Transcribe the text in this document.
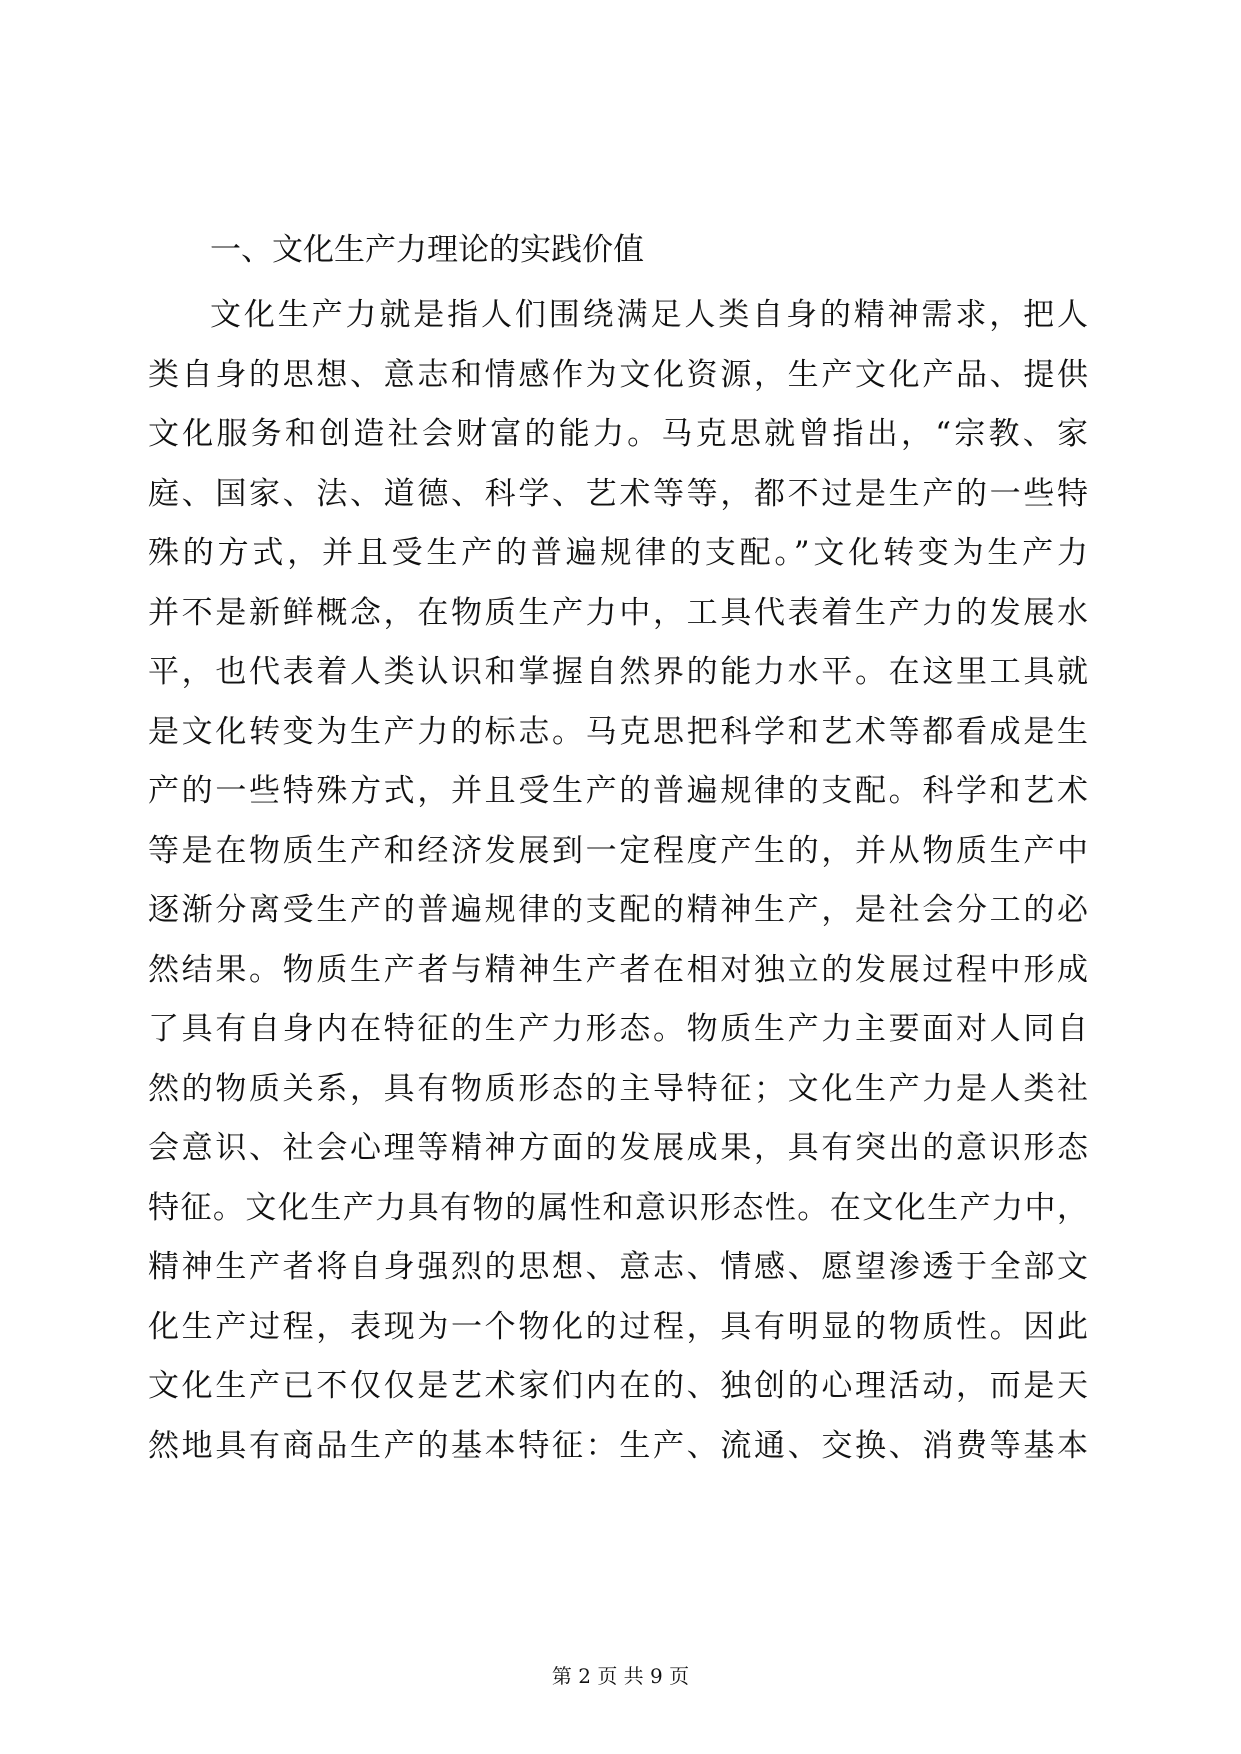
一、文化生产力理论的实践价值
文化生产力就是指人们围绕满足人类自身的精神需求，把人
类自身的思想、意志和情感作为文化资源，生产文化产品、提供
文化服务和创造社会财富的能力。马克思就曾指出，“宗教、家
庭、国家、法、道德、科学、艺术等等，都不过是生产的一些特
殊的方式，并且受生产的普遍规律的支配。”文化转变为生产力
并不是新鲜概念，在物质生产力中，工具代表着生产力的发展水
平，也代表着人类认识和掌握自然界的能力水平。在这里工具就
是文化转变为生产力的标志。马克思把科学和艺术等都看成是生
产的一些特殊方式，并且受生产的普遍规律的支配。科学和艺术
等是在物质生产和经济发展到一定程度产生的，并从物质生产中
逐渐分离受生产的普遍规律的支配的精神生产，是社会分工的必
然结果。物质生产者与精神生产者在相对独立的发展过程中形成
了具有自身内在特征的生产力形态。物质生产力主要面对人同自
然的物质关系，具有物质形态的主导特征；文化生产力是人类社
会意识、社会心理等精神方面的发展成果，具有突出的意识形态
特征。文化生产力具有物的属性和意识形态性。在文化生产力中，
精神生产者将自身强烈的思想、意志、情感、愿望渗透于全部文
化生产过程，表现为一个物化的过程，具有明显的物质性。因此
文化生产已不仅仅是艺术家们内在的、独创的心理活动，而是天
然地具有商品生产的基本特征：生产、流通、交换、消费等基本
第 2 页 共 9 页
